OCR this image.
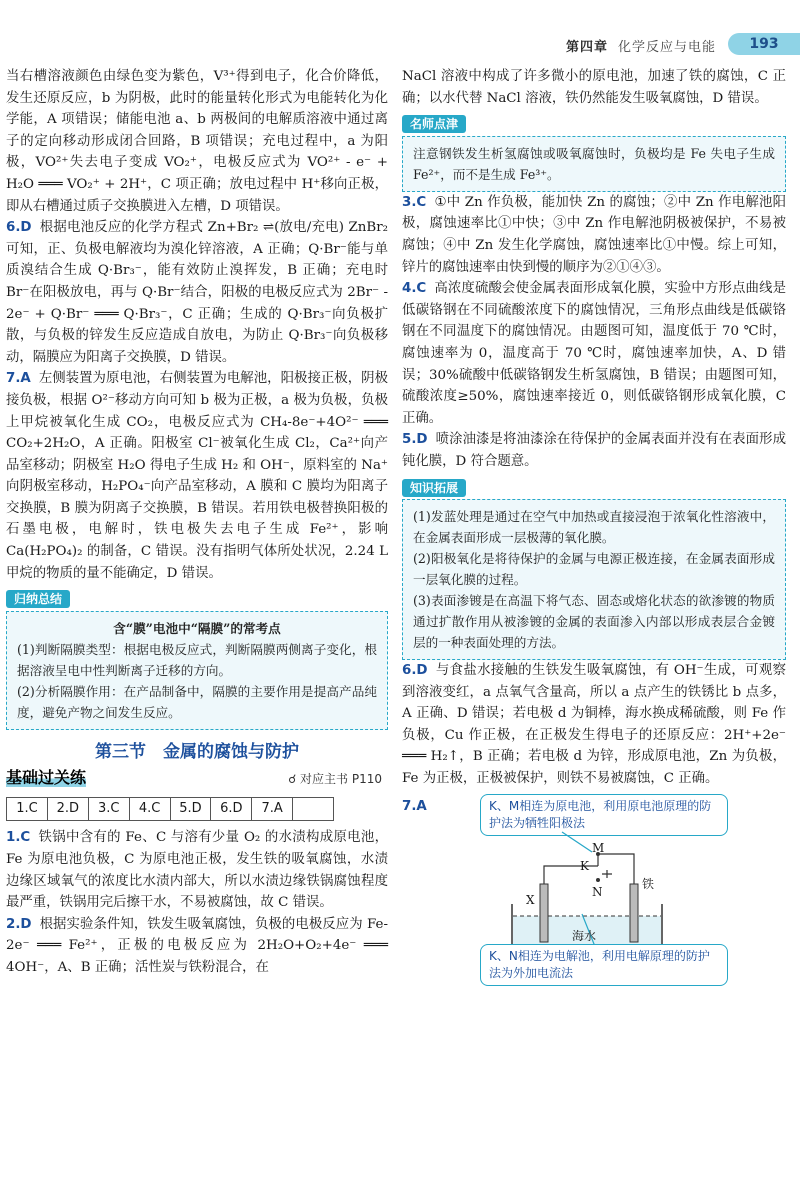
第四章 化学反应与电能	193

当右槽溶液颜色由绿色变为紫色，V³⁺得到电子，化合价降低，发生还原反应，b 为阴极，此时的能量转化形式为电能转化为化学能，A 项错误；储能电池 a、b 两极间的电解质溶液中通过离子的定向移动形成闭合回路，B 项错误；充电过程中，a 为阳极，VO²⁺失去电子变成 VO₂⁺，电极反应式为 VO²⁺ - e⁻ + H₂O ═══ VO₂⁺ + 2H⁺，C 项正确；放电过程中 H⁺移向正极，即从右槽通过质子交换膜进入左槽，D 项错误。

6.D 根据电池反应的化学方程式 Zn+Br₂ ⇌(放电/充电) ZnBr₂ 可知，正、负极电解液均为溴化锌溶液，A 正确；Q·Br⁻能与单质溴结合生成 Q·Br₃⁻，能有效防止溴挥发，B 正确；充电时 Br⁻在阳极放电，再与 Q·Br⁻结合，阳极的电极反应式为 2Br⁻ - 2e⁻ + Q·Br⁻ ═══ Q·Br₃⁻，C 正确；生成的 Q·Br₃⁻向负极扩散，与负极的锌发生反应造成自放电，为防止 Q·Br₃⁻向负极移动，隔膜应为阳离子交换膜，D 错误。

7.A 左侧装置为原电池，右侧装置为电解池，阳极接正极，阴极接负极，根据 O²⁻移动方向可知 b 极为正极，a 极为负极，负极上甲烷被氧化生成 CO₂，电极反应式为 CH₄-8e⁻+4O²⁻ ═══ CO₂+2H₂O，A 正确。阳极室 Cl⁻被氧化生成 Cl₂，Ca²⁺向产品室移动；阴极室 H₂O 得电子生成 H₂ 和 OH⁻，原料室的 Na⁺向阴极室移动，H₂PO₄⁻向产品室移动，A 膜和 C 膜均为阳离子交换膜，B 膜为阴离子交换膜，B 错误。若用铁电极替换阳极的石墨电极，电解时，铁电极失去电子生成 Fe²⁺，影响 Ca(H₂PO₄)₂ 的制备，C 错误。没有指明气体所处状况，2.24 L 甲烷的物质的量不能确定，D 错误。

归纳总结
含“膜”电池中“隔膜”的常考点
(1)判断隔膜类型：根据电极反应式，判断隔膜两侧离子变化，根据溶液呈电中性判断离子迁移的方向。
(2)分析隔膜作用：在产品制备中，隔膜的主要作用是提高产品纯度，避免产物之间发生反应。
第三节　金属的腐蚀与防护
基础过关练	☌ 对应主书 P110
1.C	2.D	3.C	4.C	5.D	6.D	7.A

1.C 铁锅中含有的 Fe、C 与溶有少量 O₂ 的水渍构成原电池，Fe 为原电池负极，C 为原电池正极，发生铁的吸氧腐蚀，水渍边缘区域氧气的浓度比水渍内部大，所以水渍边缘铁锅腐蚀程度最严重，铁锅用完后擦干水，不易被腐蚀，故 C 错误。

2.D 根据实验条件知，铁发生吸氧腐蚀，负极的电极反应为 Fe-2e⁻ ═══ Fe²⁺，正极的电极反应为 2H₂O+O₂+4e⁻ ═══ 4OH⁻，A、B 正确；活性炭与铁粉混合，在

NaCl 溶液中构成了许多微小的原电池，加速了铁的腐蚀，C 正确；以水代替 NaCl 溶液，铁仍然能发生吸氧腐蚀，D 错误。

名师点津
注意钢铁发生析氢腐蚀或吸氧腐蚀时，负极均是 Fe 失电子生成 Fe²⁺，而不是生成 Fe³⁺。

3.C ①中 Zn 作负极，能加快 Zn 的腐蚀；②中 Zn 作电解池阳极，腐蚀速率比①中快；③中 Zn 作电解池阴极被保护，不易被腐蚀；④中 Zn 发生化学腐蚀，腐蚀速率比①中慢。综上可知，锌片的腐蚀速率由快到慢的顺序为②①④③。

4.C 高浓度硫酸会使金属表面形成氧化膜，实验中方形点曲线是低碳铬钢在不同硫酸浓度下的腐蚀情况，三角形点曲线是低碳铬钢在不同温度下的腐蚀情况。由题图可知，温度低于 70 ℃时，腐蚀速率为 0，温度高于 70 ℃时，腐蚀速率加快，A、D 错误；30%硫酸中低碳铬钢发生析氢腐蚀，B 错误；由题图可知，硫酸浓度≥50%，腐蚀速率接近 0，则低碳铬钢形成氧化膜，C 正确。

5.D 喷涂油漆是将油漆涂在待保护的金属表面并没有在表面形成钝化膜，D 符合题意。

知识拓展
(1)发蓝处理是通过在空气中加热或直接浸泡于浓氧化性溶液中，在金属表面形成一层极薄的氧化膜。
(2)阳极氧化是将待保护的金属与电源正极连接，在金属表面形成一层氧化膜的过程。
(3)表面渗镀是在高温下将气态、固态或熔化状态的欲渗镀的物质通过扩散作用从被渗镀的金属的表面渗入内部以形成表层合金镀层的一种表面处理的方法。

6.D 与食盐水接触的生铁发生吸氧腐蚀，有 OH⁻生成，可观察到溶液变红，a 点氧气含量高，所以 a 点产生的铁锈比 b 点多，A 正确、D 错误；若电极 d 为铜棒，海水换成稀硫酸，则 Fe 作负极，Cu 作正极，在正极发生得电子的还原反应：2H⁺+2e⁻ ═══ H₂↑，B 正确；若电极 d 为锌，形成原电池，Zn 为负极，Fe 为正极，正极被保护，则铁不易被腐蚀，C 正确。

7.A	K、M相连为原电池，利用原电池原理的防护法为牺牲阳极法
X
K
M
N
铁
海水
K、N相连为电解池，利用电解原理的防护法为外加电流法
